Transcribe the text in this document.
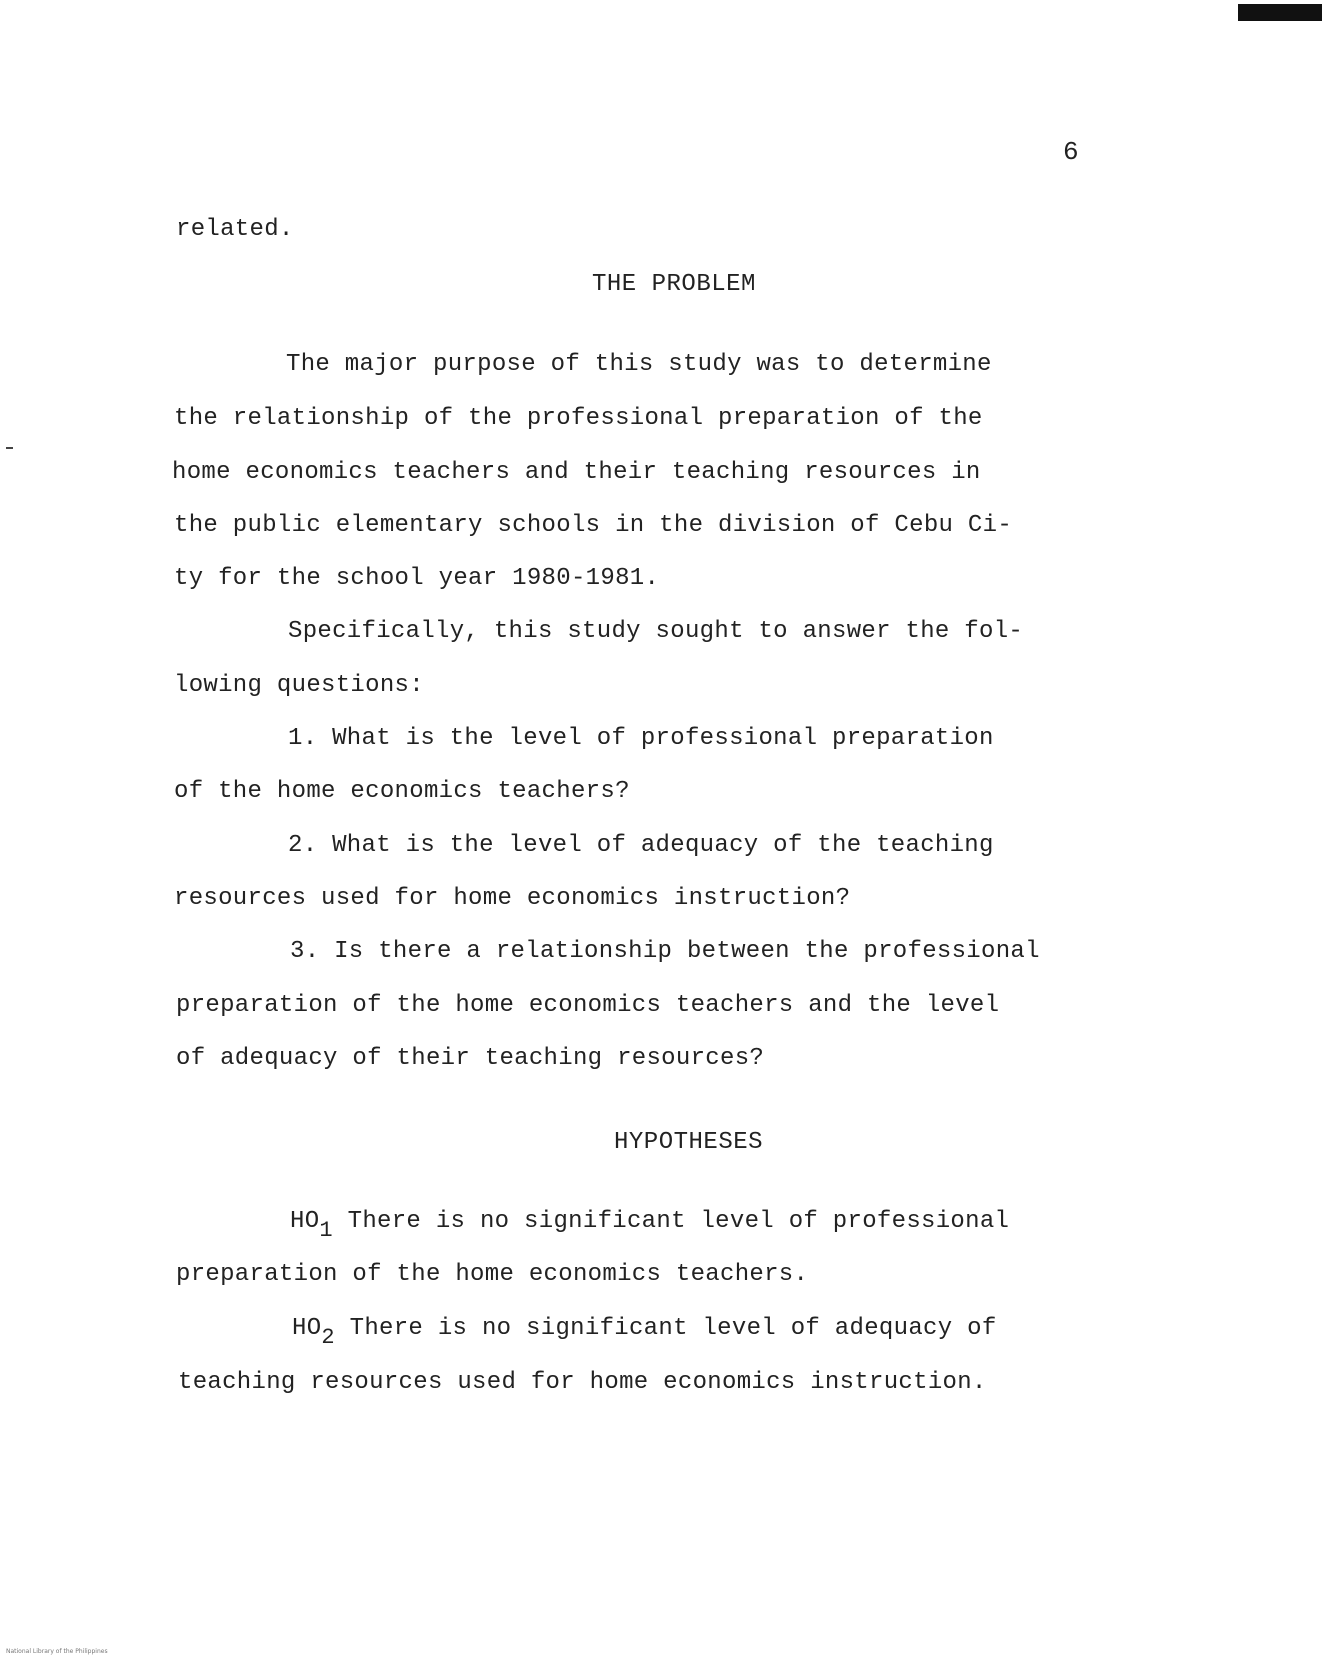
6
related.
THE PROBLEM
The major purpose of this study was to determine
the relationship of the professional preparation of the
home economics teachers and their teaching resources in
the public elementary schools in the division of Cebu Ci-
ty for the school year 1980-1981.
Specifically, this study sought to answer the fol-
lowing questions:
1. What is the level of professional preparation
of the home economics teachers?
2. What is the level of adequacy of the teaching
resources used for home economics instruction?
3. Is there a relationship between the professional
preparation of the home economics teachers and the level
of adequacy of their teaching resources?
HYPOTHESES
HO1 There is no significant level of professional
preparation of the home economics teachers.
HO2 There is no significant level of adequacy of
teaching resources used for home economics instruction.
National Library of the Philippines
